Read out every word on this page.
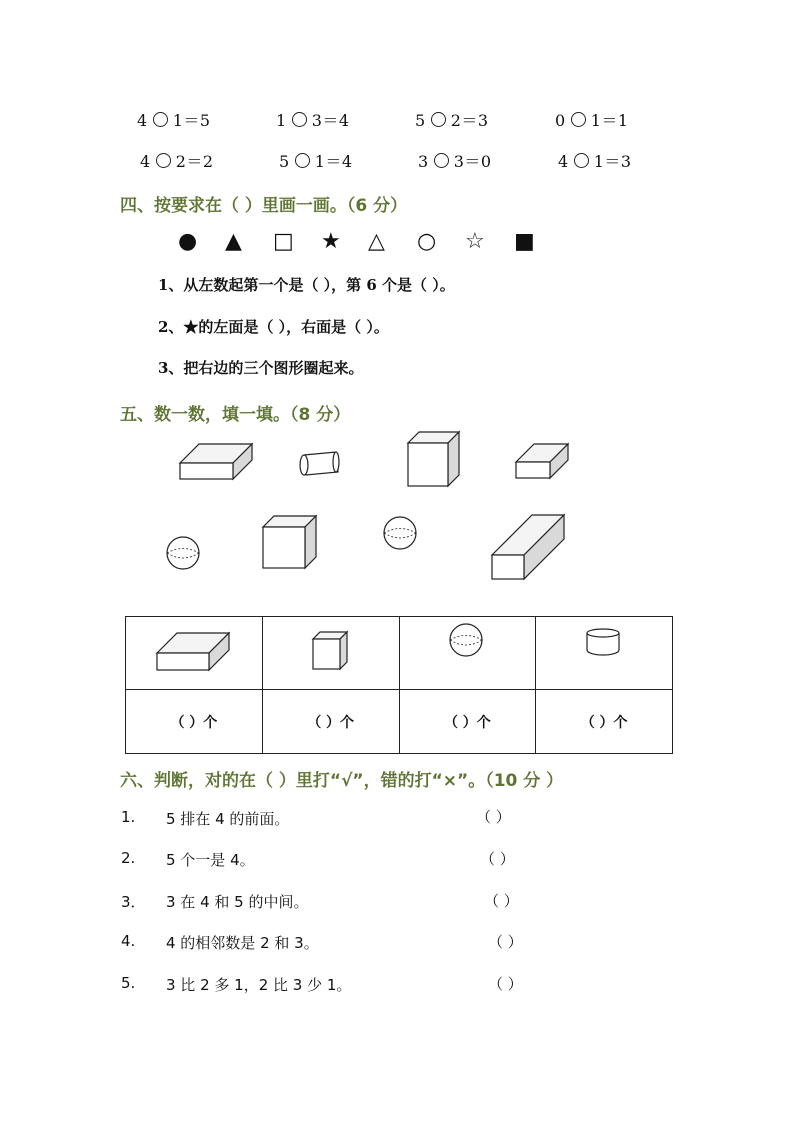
4 1＝5	1 3＝4	5 2＝3	0 1＝1
4 2＝2	5 1＝4	3 3＝0	4 1＝3
四、按要求在（ ）里画一画。（6 分）
● ▲ □ ★ △ ○ ☆ ■
1、从左数起第一个是（ ），第 6 个是（ ）。
2、★的左面是（ ），右面是（ ）。
3、把右边的三个图形圈起来。
五、数一数，填一填。（8 分）

（ ）个	（ ）个	（ ）个	（ ）个
六、判断，对的在（ ）里打“√”，错的打“×”。（10 分 ）
1. 5 排在 4 的前面。	（ ）
2. 5 个一是 4。	（ ）
3． 3 在 4 和 5 的中间。	（ ）
4. 4 的相邻数是 2 和 3。	（ ）
5. 3 比 2 多 1，2 比 3 少 1。	（ ）
